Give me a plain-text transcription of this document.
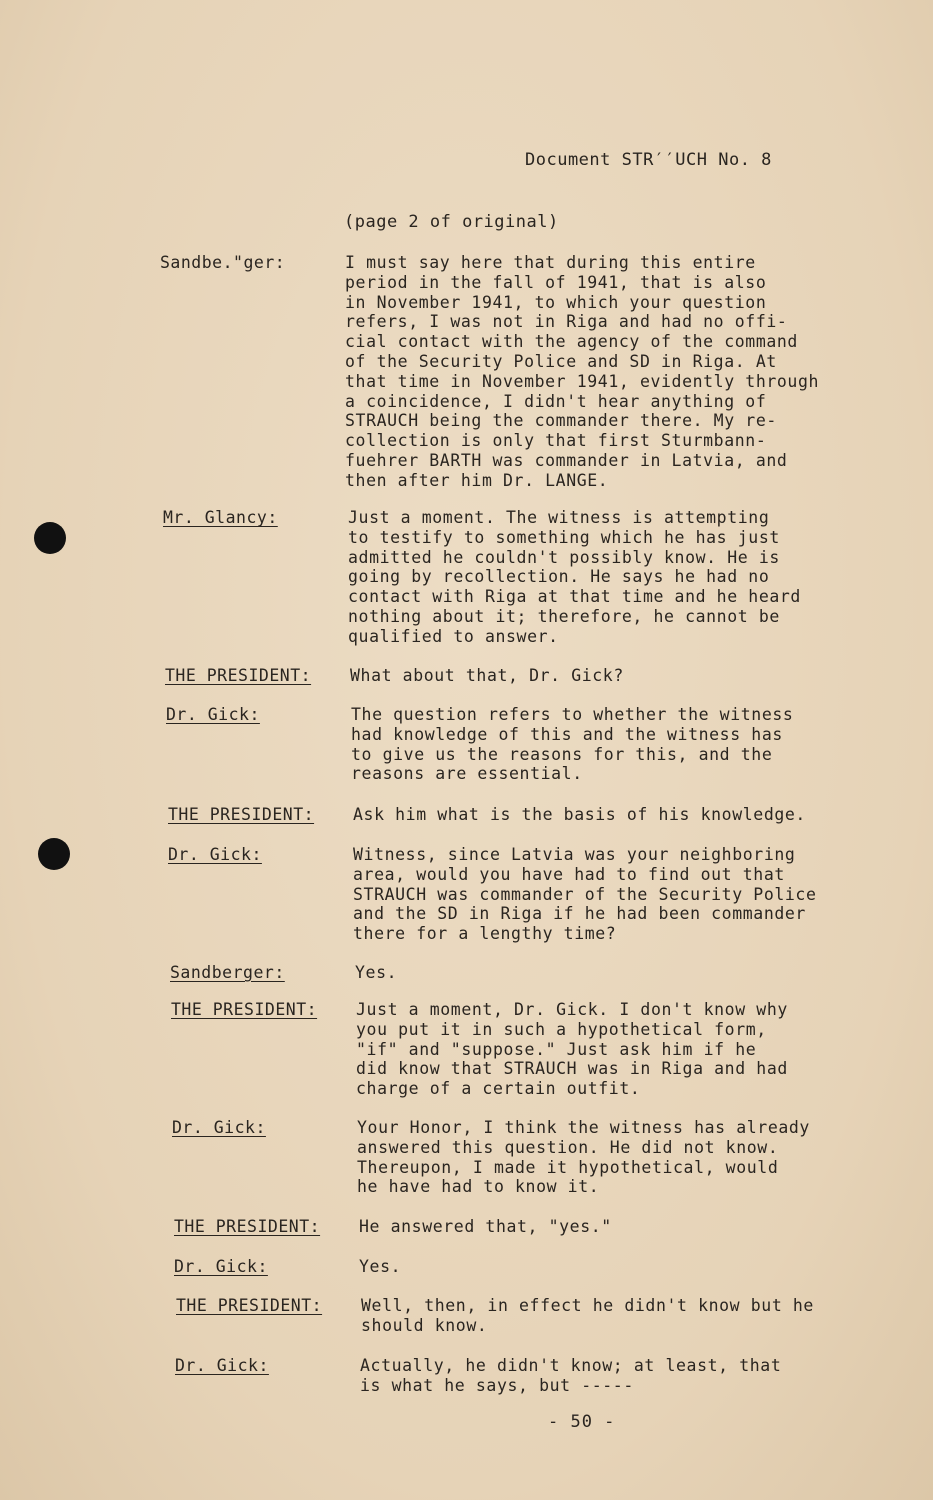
Document STR′′UCH No. 8
(page 2 of original)
Sandbe."ger:	I must say here that during this entire
period in the fall of 1941, that is also
in November 1941, to which your question
refers, I was not in Riga and had no offi-
cial contact with the agency of the command
of the Security Police and SD in Riga. At
that time in November 1941, evidently through
a coincidence, I didn't hear anything of
STRAUCH being the commander there. My re-
collection is only that first Sturmbann-
fuehrer BARTH was commander in Latvia, and
then after him Dr. LANGE.
Mr. Glancy:	Just a moment. The witness is attempting
to testify to something which he has just
admitted he couldn't possibly know. He is
going by recollection. He says he had no
contact with Riga at that time and he heard
nothing about it; therefore, he cannot be
qualified to answer.
THE PRESIDENT: What about that, Dr. Gick?
Dr. Gick:	The question refers to whether the witness
had knowledge of this and the witness has
to give us the reasons for this, and the
reasons are essential.
THE PRESIDENT: Ask him what is the basis of his knowledge.
Dr. Gick:	Witness, since Latvia was your neighboring
area, would you have had to find out that
STRAUCH was commander of the Security Police
and the SD in Riga if he had been commander
there for a lengthy time?
Sandberger:	Yes.
THE PRESIDENT: Just a moment, Dr. Gick. I don't know why
you put it in such a hypothetical form,
"if" and "suppose." Just ask him if he
did know that STRAUCH was in Riga and had
charge of a certain outfit.
Dr. Gick:	Your Honor, I think the witness has already
answered this question. He did not know.
Thereupon, I made it hypothetical, would
he have had to know it.
THE PRESIDENT: He answered that, "yes."
Dr. Gick:	Yes.
THE PRESIDENT: Well, then, in effect he didn't know but he
should know.
Dr. Gick:	Actually, he didn't know; at least, that
is what he says, but -----
- 50 -
